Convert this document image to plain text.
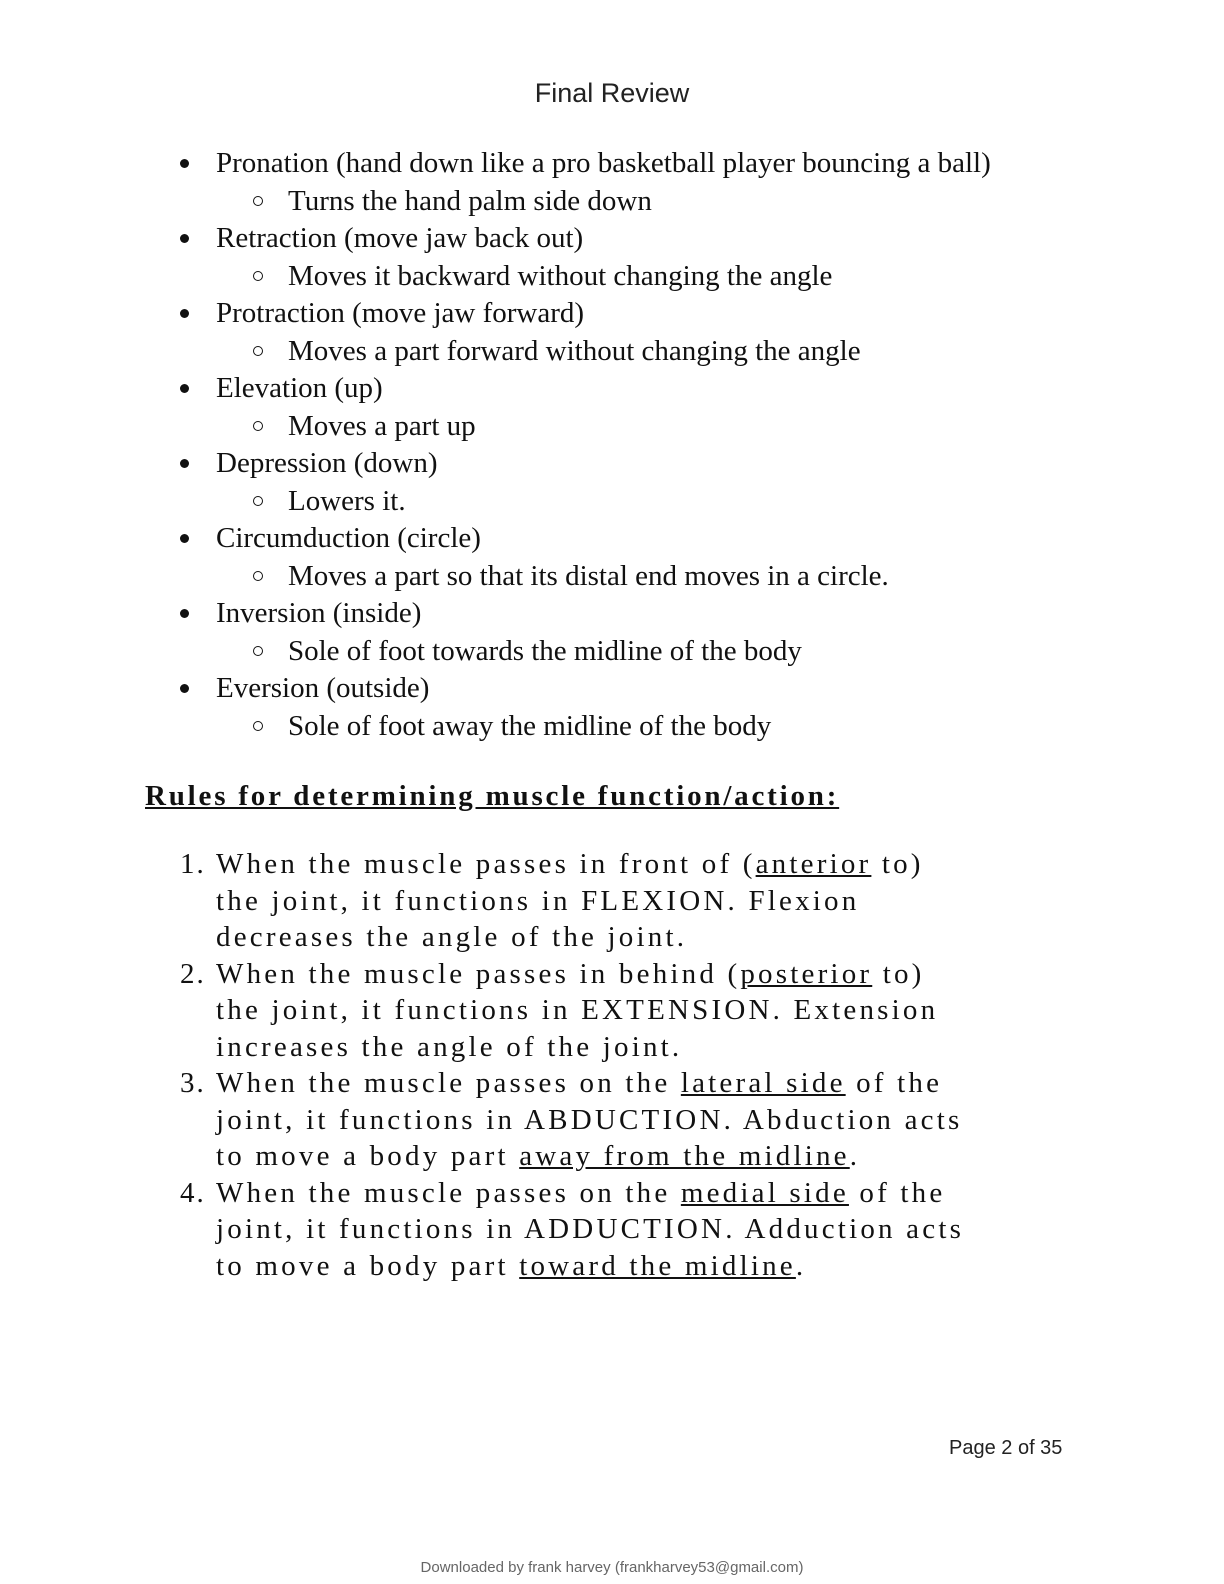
Final Review
Pronation (hand down like a pro basketball player bouncing a ball)
Turns the hand palm side down
Retraction (move jaw back out)
Moves it backward without changing the angle
Protraction (move jaw forward)
Moves a part forward without changing the angle
Elevation (up)
Moves a part up
Depression (down)
Lowers it.
Circumduction (circle)
Moves a part so that its distal end moves in a circle.
Inversion (inside)
Sole of foot towards the midline of the body
Eversion (outside)
Sole of foot away the midline of the body
Rules for determining muscle function/action:
1. When the muscle passes in front of (anterior to)
the joint, it functions in FLEXION. Flexion
decreases the angle of the joint.
2. When the muscle passes in behind (posterior to)
the joint, it functions in EXTENSION. Extension
increases the angle of the joint.
3. When the muscle passes on the lateral side of the
joint, it functions in ABDUCTION. Abduction acts
to move a body part away from the midline.
4. When the muscle passes on the medial side of the
joint, it functions in ADDUCTION. Adduction acts
to move a body part toward the midline.
Page 2 of 35
Downloaded by frank harvey (frankharvey53@gmail.com)
